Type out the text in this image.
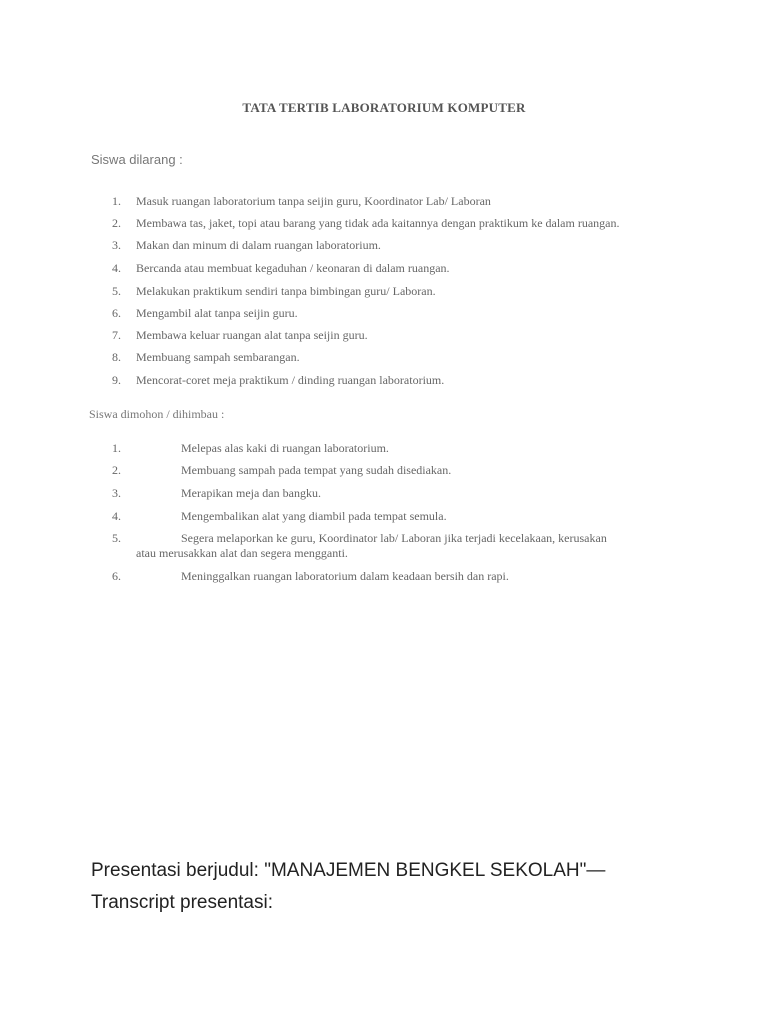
TATA TERTIB LABORATORIUM KOMPUTER
Siswa dilarang :
1.	Masuk ruangan laboratorium tanpa seijin guru, Koordinator Lab/ Laboran
2.	Membawa tas, jaket, topi atau barang yang tidak ada kaitannya dengan praktikum ke dalam ruangan.
3.	Makan dan minum di dalam ruangan laboratorium.
4.	Bercanda atau membuat kegaduhan / keonaran di dalam ruangan.
5.	Melakukan praktikum sendiri tanpa bimbingan guru/ Laboran.
6.	Mengambil alat tanpa seijin guru.
7.	Membawa keluar ruangan alat tanpa seijin guru.
8.	Membuang sampah sembarangan.
9.	Mencorat-coret meja praktikum / dinding ruangan laboratorium.
Siswa dimohon / dihimbau :
1.	Melepas alas kaki di ruangan laboratorium.
2.	Membuang sampah pada tempat yang sudah disediakan.
3.	Merapikan meja dan bangku.
4.	Mengembalikan alat yang diambil pada tempat semula.
5.	Segera melaporkan ke guru, Koordinator lab/ Laboran jika terjadi kecelakaan, kerusakan
atau merusakkan alat dan segera mengganti.
6.	Meninggalkan ruangan laboratorium dalam keadaan bersih dan rapi.
Presentasi berjudul: "MANAJEMEN BENGKEL SEKOLAH"—
Transcript presentasi:
